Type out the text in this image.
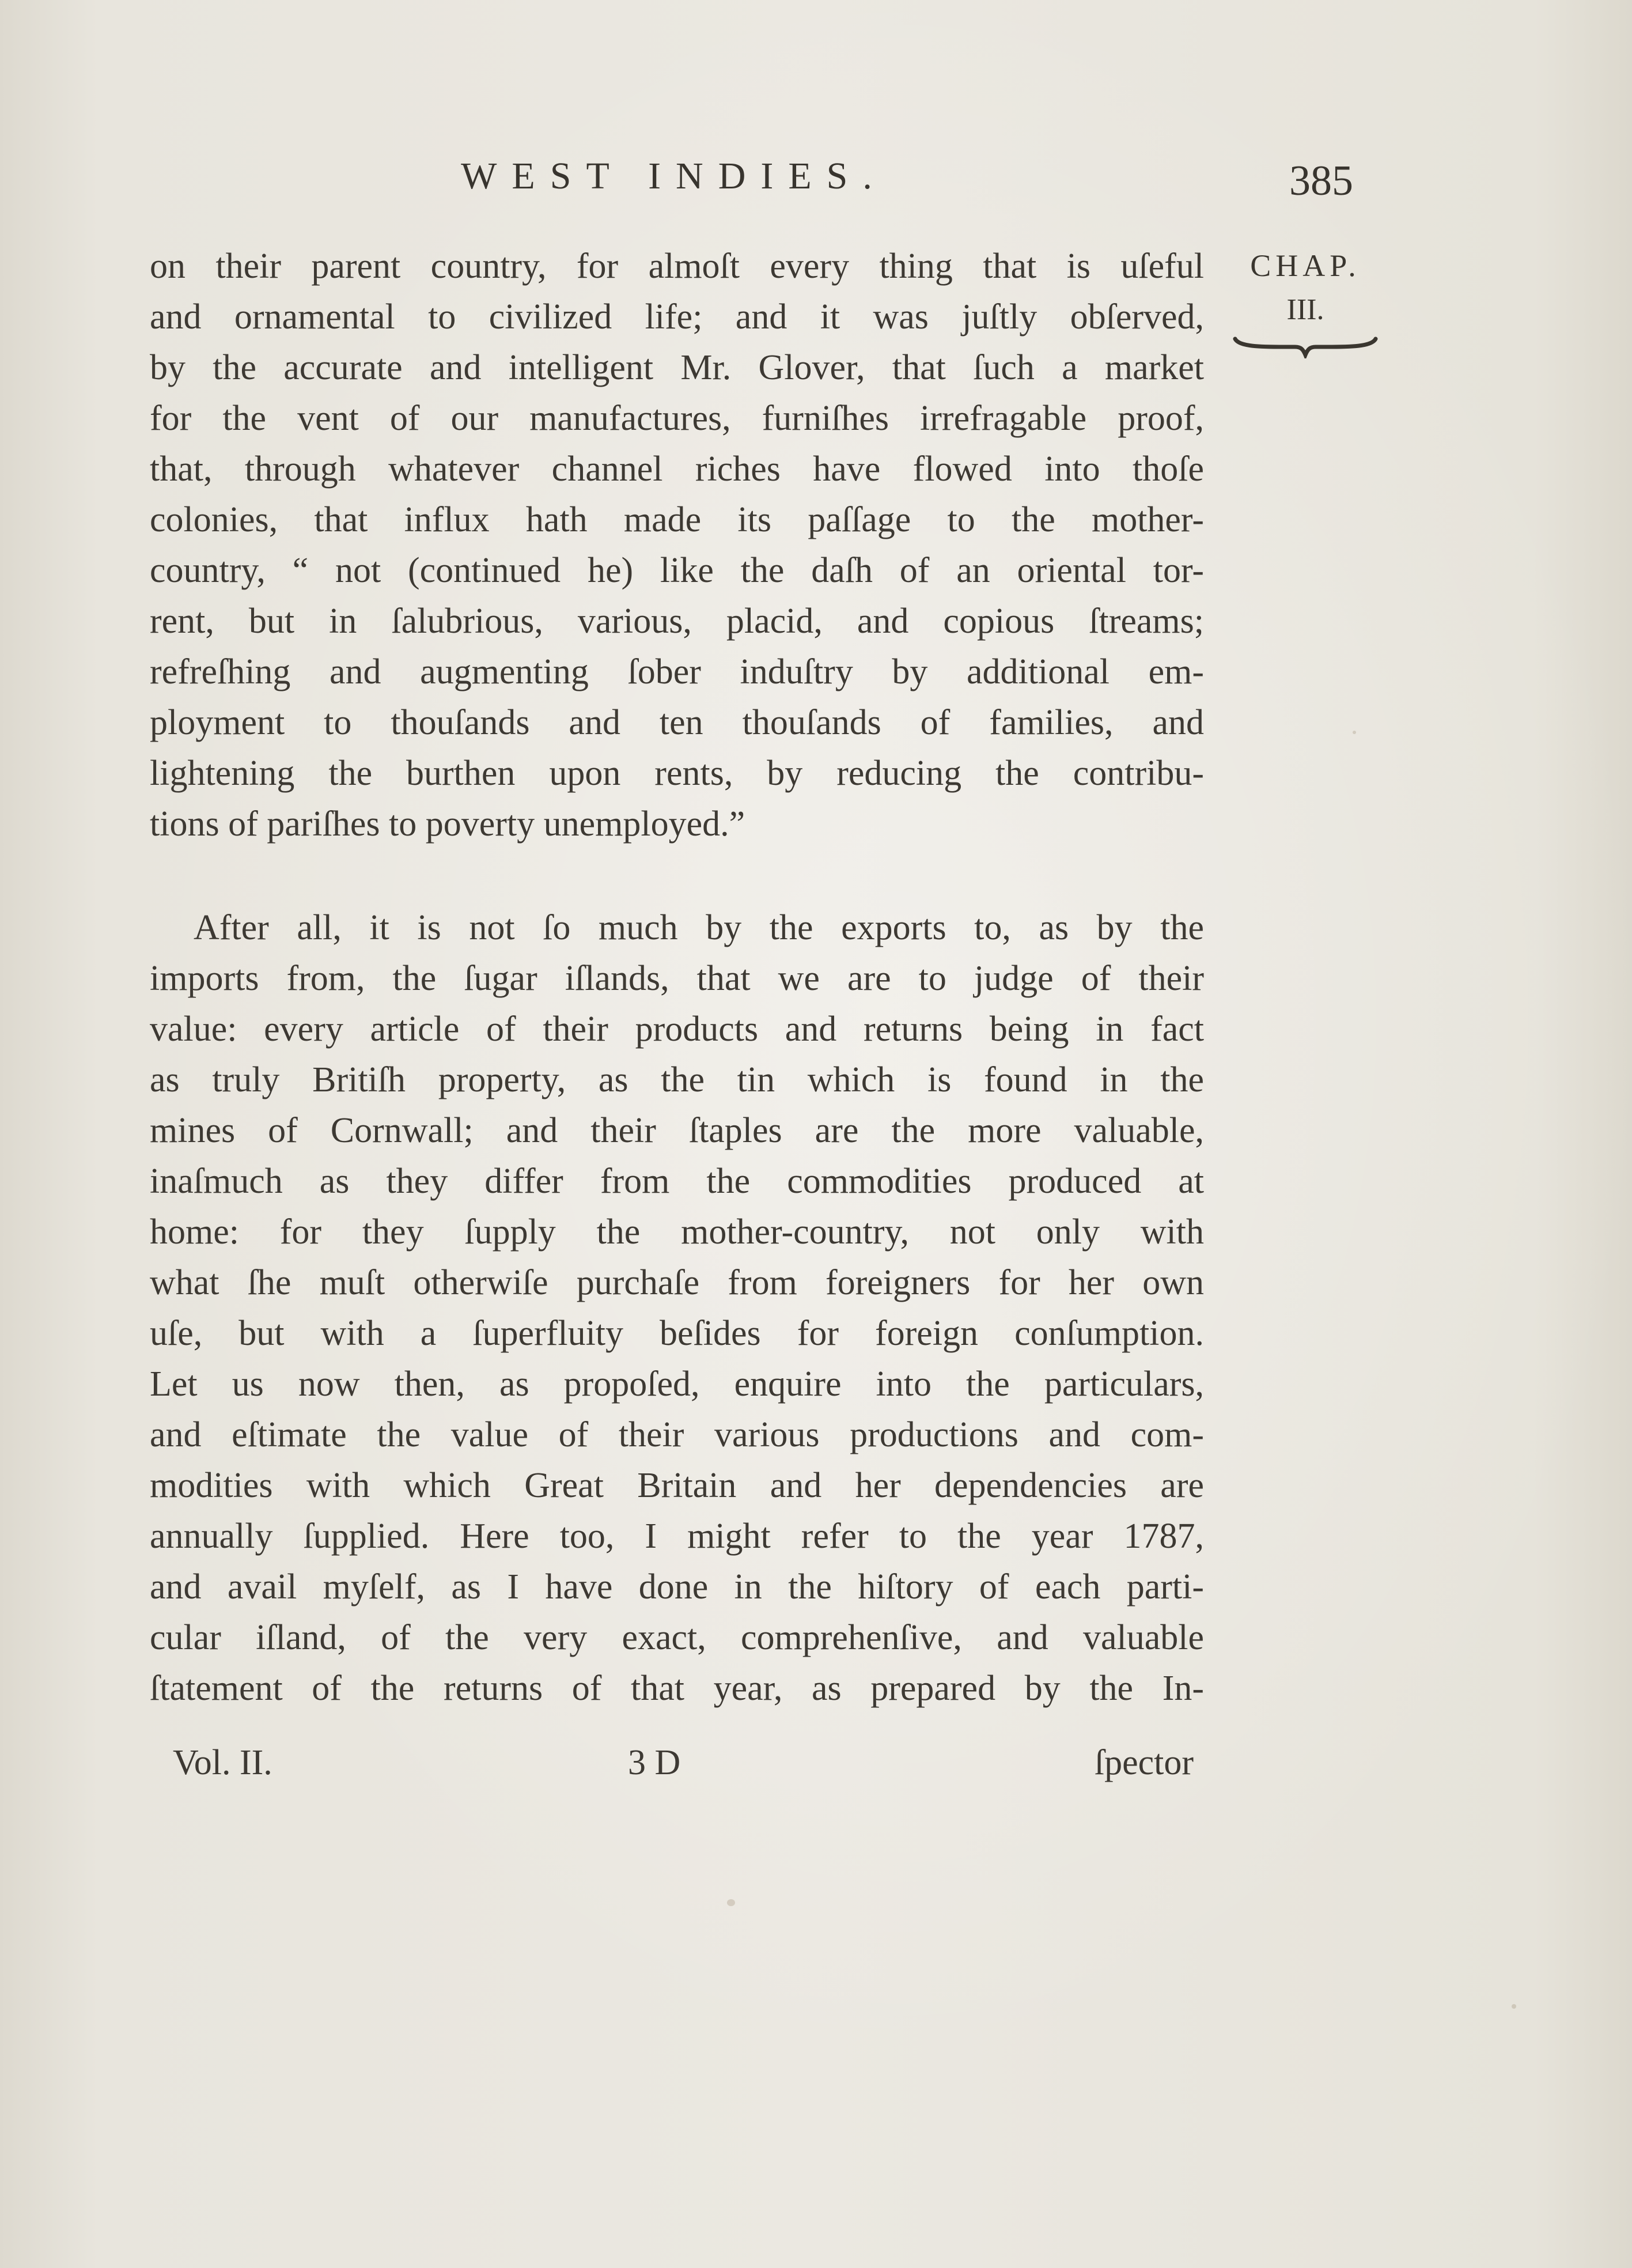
WEST INDIES.	385
CHAP.
III.
on their parent country, for almoſt every thing that is uſeful
and ornamental to civilized life; and it was juſtly obſerved,
by the accurate and intelligent Mr. Glover, that ſuch a market
for the vent of our manufactures, furniſhes irrefragable proof,
that, through whatever channel riches have flowed into thoſe
colonies, that influx hath made its paſſage to the mother-
country, “ not (continued he) like the daſh of an oriental tor-
rent, but in ſalubrious, various, placid, and copious ſtreams;
refreſhing and augmenting ſober induſtry by additional em-
ployment to thouſands and ten thouſands of families, and
lightening the burthen upon rents, by reducing the contribu-
tions of pariſhes to poverty unemployed.”
After all, it is not ſo much by the exports to, as by the
imports from, the ſugar iſlands, that we are to judge of their
value: every article of their products and returns being in fact
as truly Britiſh property, as the tin which is found in the
mines of Cornwall; and their ſtaples are the more valuable,
inaſmuch as they differ from the commodities produced at
home: for they ſupply the mother-country, not only with
what ſhe muſt otherwiſe purchaſe from foreigners for her own
uſe, but with a ſuperfluity beſides for foreign conſumption.
Let us now then, as propoſed, enquire into the particulars,
and eſtimate the value of their various productions and com-
modities with which Great Britain and her dependencies are
annually ſupplied. Here too, I might refer to the year 1787,
and avail myſelf, as I have done in the hiſtory of each parti-
cular iſland, of the very exact, comprehenſive, and valuable
ſtatement of the returns of that year, as prepared by the In-
Vol. II.	3 D	ſpector
